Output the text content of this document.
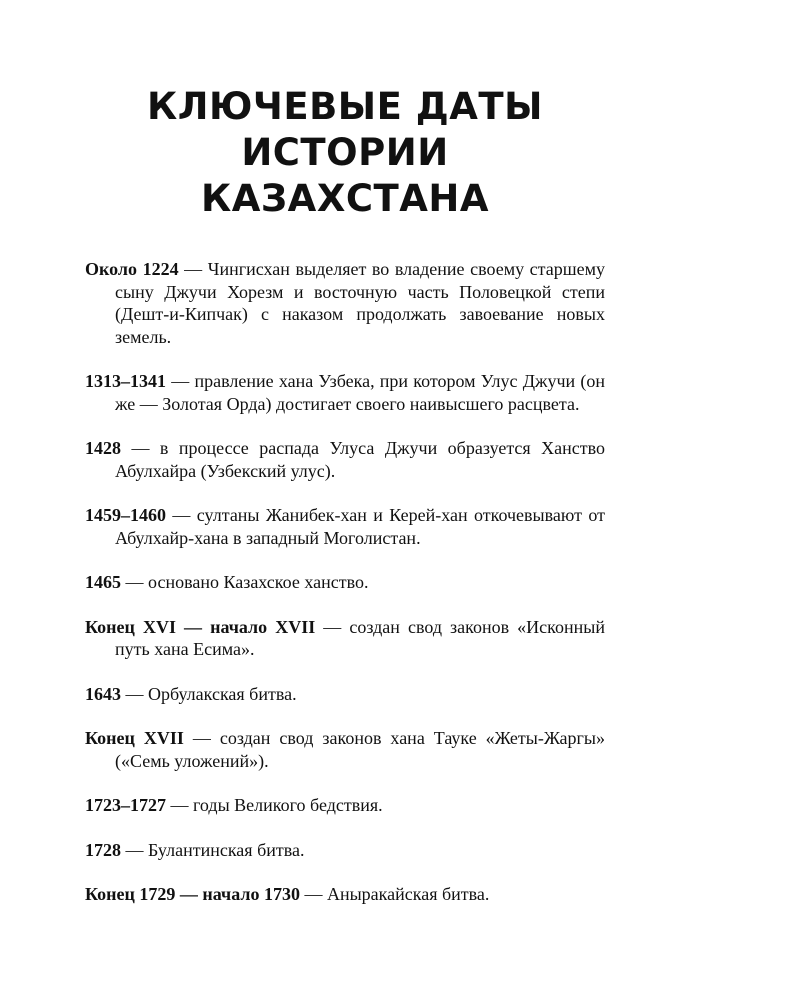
КЛЮЧЕВЫЕ ДАТЫ
ИСТОРИИ
КАЗАХСТАНА

Около 1224 — Чингисхан выделяет во владение своему старшему сыну Джучи Хорезм и восточную часть Половецкой степи (Дешт-и-Кипчак) с наказом продолжать завоевание новых земель.

1313–1341 — правление хана Узбека, при котором Улус Джучи (он же — Золотая Орда) достигает своего наивысшего расцвета.

1428 — в процессе распада Улуса Джучи образуется Ханство Абулхайра (Узбекский улус).

1459–1460 — султаны Жанибек-хан и Керей-хан откочевывают от Абулхайр-хана в западный Моголистан.

1465 — основано Казахское ханство.

Конец XVI — начало XVII — создан свод законов «Исконный путь хана Есима».

1643 — Орбулакская битва.

Конец XVII — создан свод законов хана Тауке «Жеты-Жаргы» («Семь уложений»).

1723–1727 — годы Великого бедствия.

1728 — Булантинская битва.

Конец 1729 — начало 1730 — Аныракайская битва.
